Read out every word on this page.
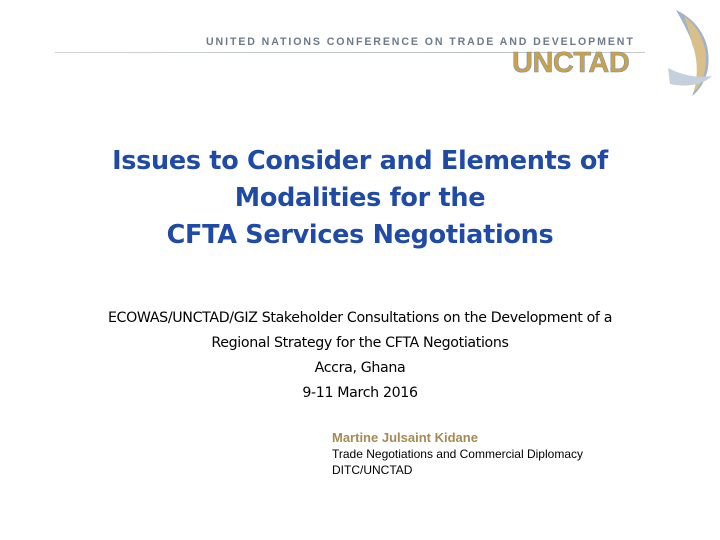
UNITED NATIONS CONFERENCE ON TRADE AND DEVELOPMENT
UNCTAD
Issues to Consider and Elements of
Modalities for the
CFTA Services Negotiations
ECOWAS/UNCTAD/GIZ Stakeholder Consultations on the Development of a
Regional Strategy for the CFTA Negotiations
Accra, Ghana
9-11 March 2016
Martine Julsaint Kidane
Trade Negotiations and Commercial Diplomacy
DITC/UNCTAD
